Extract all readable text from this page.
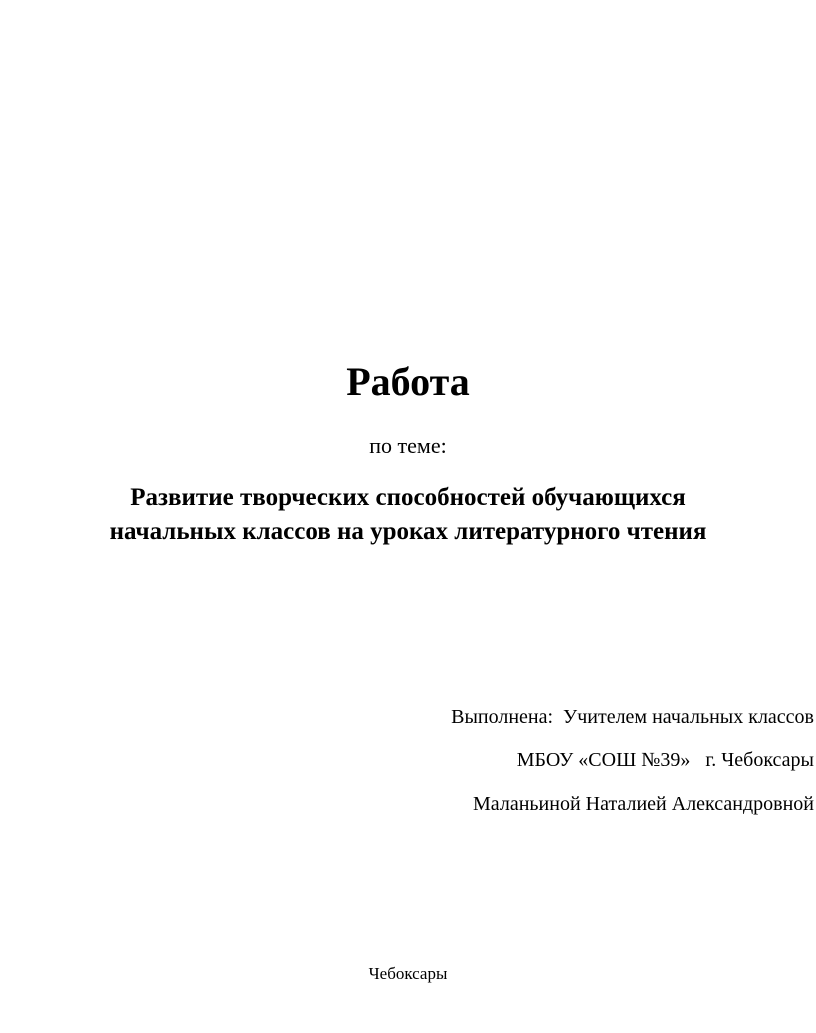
Работа
по теме:
Развитие творческих способностей обучающихся
начальных классов на уроках литературного чтения
Выполнена:  Учителем начальных классов
МБОУ «СОШ №39»   г. Чебоксары
Маланьиной Наталией Александровной
Чебоксары
